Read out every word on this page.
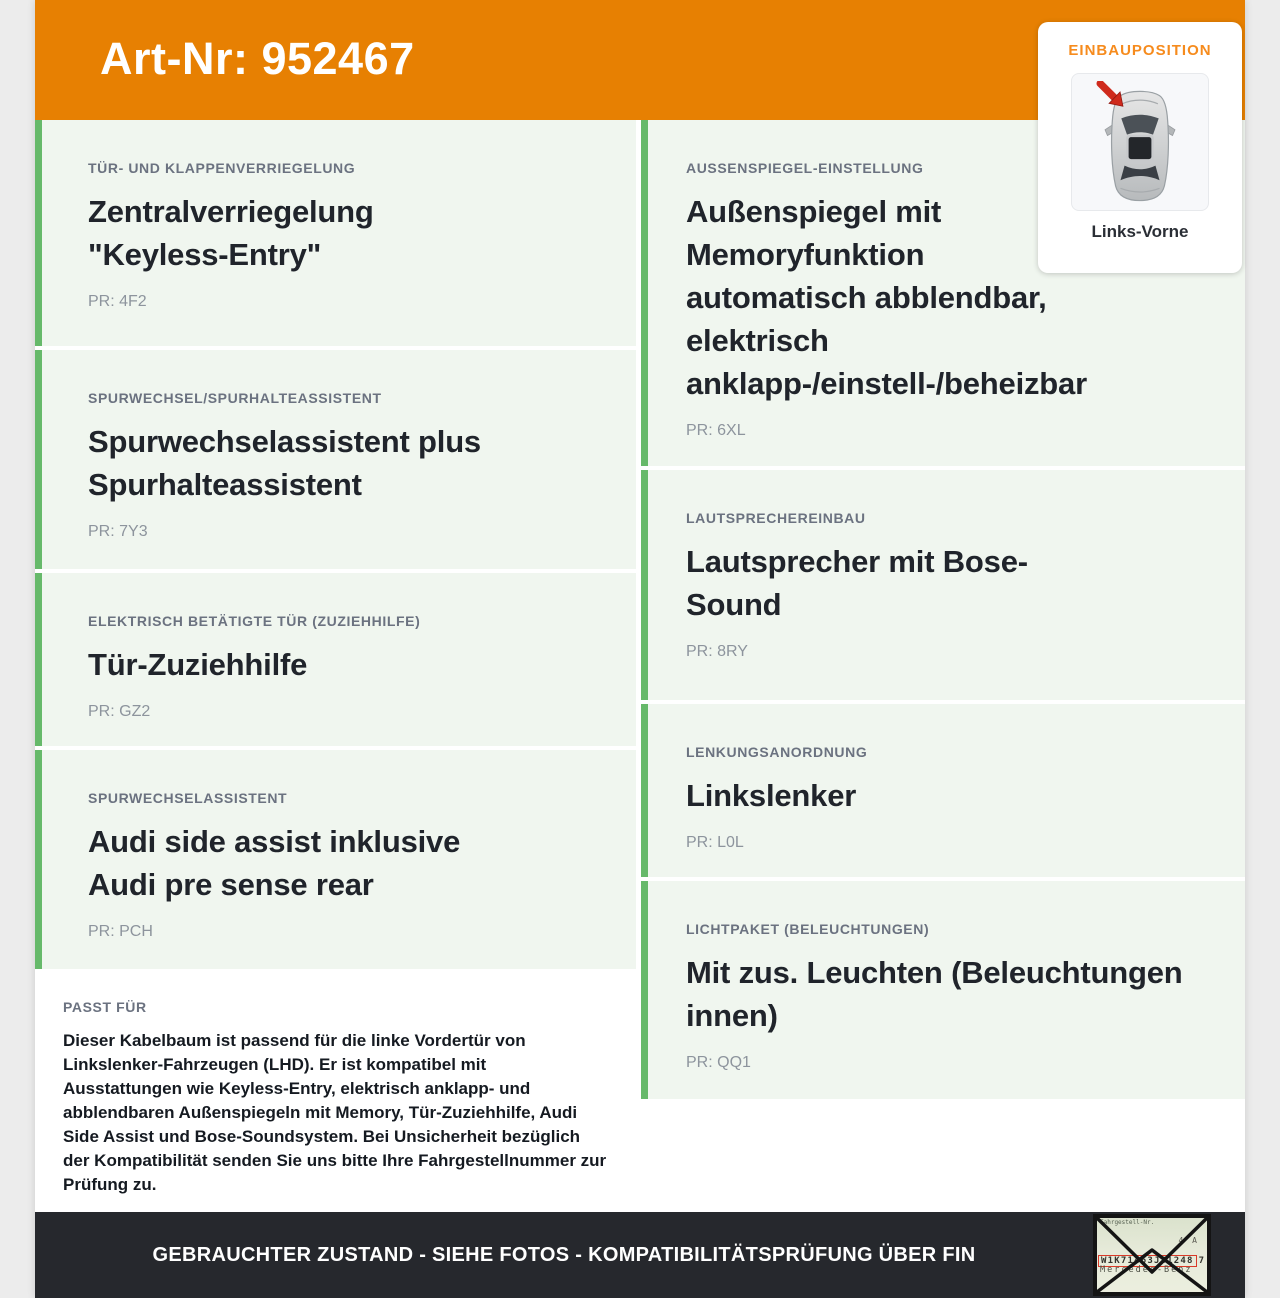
Art-Nr: 952467
TÜR- UND KLAPPENVERRIEGELUNG
Zentralverriegelung "Keyless⁠-⁠Entry"
PR: 4F2
SPURWECHSEL/SPURHALTEASSISTENT
Spurwechselassistent plus Spurhalteassistent
PR: 7Y3
ELEKTRISCH BETÄTIGTE TÜR (ZUZIEHHILFE)
Tür-Zuziehhilfe
PR: GZ2
SPURWECHSELASSISTENT
Audi side assist inklusive Audi pre sense rear
PR: PCH
PASST FÜR

Dieser Kabelbaum ist passend für die linke Vordertür von Linkslenker-Fahrzeugen (LHD). Er ist kompatibel mit Ausstattungen wie Keyless-Entry, elektrisch anklapp- und abblendbaren Außenspiegeln mit Memory, Tür-Zuziehhilfe, Audi Side Assist und Bose-Soundsystem. Bei Unsicherheit bezüglich der Kompatibilität senden Sie uns bitte Ihre Fahrgestellnummer zur Prüfung zu.

AUSSENSPIEGEL-EINSTELLUNG
Außenspiegel mit Memoryfunktion automatisch abblendbar, elektrisch anklapp⁠-⁠/⁠einstell⁠-⁠/⁠beheizbar
PR: 6XL
LAUTSPRECHEREINBAU
Lautsprecher mit Bose-Sound
PR: 8RY
LENKUNGSANORDNUNG
Linkslenker
PR: L0L
LICHTPAKET (BELEUCHTUNGEN)
Mit zus. Leuchten (Beleuchtungen innen)
PR: QQ1
GEBRAUCHTER ZUSTAND - SIEHE FOTOS - KOMPATIBILITÄTSPRÜFUNG ÜBER FIN
Fahrgestell-Nr.
4 A
W1K71463J31248 7
Mercedes-Benz
EINBAUPOSITION
Links-Vorne
